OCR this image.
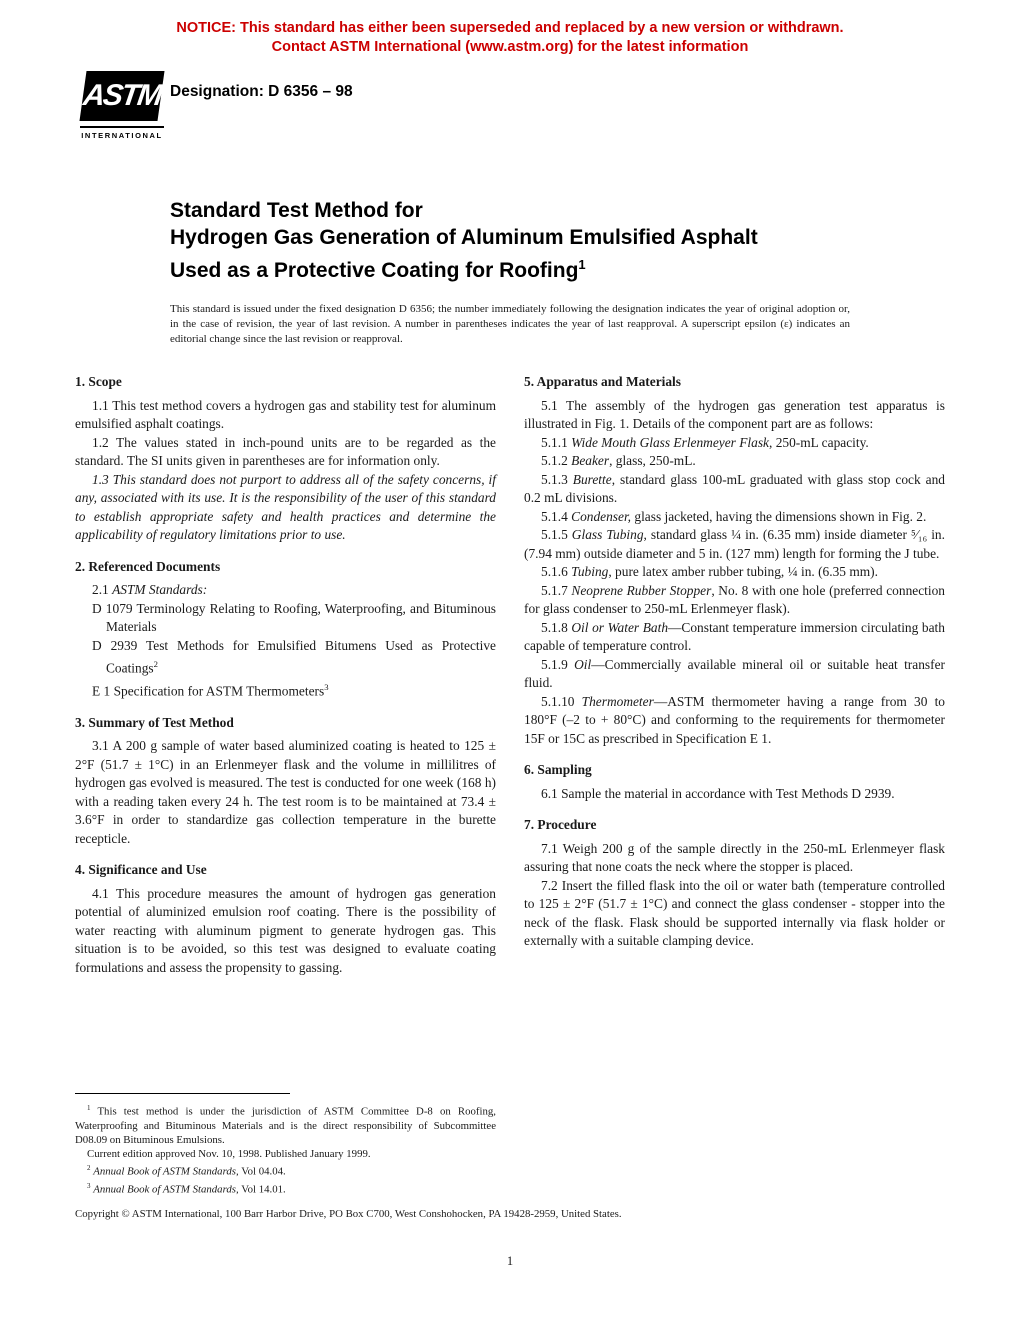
NOTICE: This standard has either been superseded and replaced by a new version or withdrawn.
Contact ASTM International (www.astm.org) for the latest information
ASTM
INTERNATIONAL
Designation: D 6356 – 98
Standard Test Method for
Hydrogen Gas Generation of Aluminum Emulsified Asphalt
Used as a Protective Coating for Roofing$^1$

This standard is issued under the fixed designation D 6356; the number immediately following the designation indicates the year of original adoption or, in the case of revision, the year of last revision. A number in parentheses indicates the year of last reapproval. A superscript epsilon (ε) indicates an editorial change since the last revision or reapproval.

1. Scope

1.1 This test method covers a hydrogen gas and stability test for aluminum emulsified asphalt coatings.

1.2 The values stated in inch-pound units are to be regarded as the standard. The SI units given in parentheses are for information only.

1.3 This standard does not purport to address all of the safety concerns, if any, associated with its use. It is the responsibility of the user of this standard to establish appropriate safety and health practices and determine the applicability of regulatory limitations prior to use.

2. Referenced Documents

2.1 ASTM Standards:

D 1079 Terminology Relating to Roofing, Waterproofing, and Bituminous Materials

D 2939 Test Methods for Emulsified Bitumens Used as Protective Coatings$^2$

E 1 Specification for ASTM Thermometers$^3$

3. Summary of Test Method

3.1 A 200 g sample of water based aluminized coating is heated to 125 ± 2°F (51.7 ± 1°C) in an Erlenmeyer flask and the volume in millilitres of hydrogen gas evolved is measured. The test is conducted for one week (168 h) with a reading taken every 24 h. The test room is to be maintained at 73.4 ± 3.6°F in order to standardize gas collection temperature in the burette recepticle.

4. Significance and Use

4.1 This procedure measures the amount of hydrogen gas generation potential of aluminized emulsion roof coating. There is the possibility of water reacting with aluminum pigment to generate hydrogen gas. This situation is to be avoided, so this test was designed to evaluate coating formulations and assess the propensity to gassing.

$^1$ This test method is under the jurisdiction of ASTM Committee D-8 on Roofing, Waterproofing and Bituminous Materials and is the direct responsibility of Subcommittee D08.09 on Bituminous Emulsions.

Current edition approved Nov. 10, 1998. Published January 1999.

$^2$ Annual Book of ASTM Standards, Vol 04.04.

$^3$ Annual Book of ASTM Standards, Vol 14.01.

5. Apparatus and Materials

5.1 The assembly of the hydrogen gas generation test apparatus is illustrated in Fig. 1. Details of the component part are as follows:

5.1.1 Wide Mouth Glass Erlenmeyer Flask, 250-mL capacity.

5.1.2 Beaker, glass, 250-mL.

5.1.3 Burette, standard glass 100-mL graduated with glass stop cock and 0.2 mL divisions.

5.1.4 Condenser, glass jacketed, having the dimensions shown in Fig. 2.

5.1.5 Glass Tubing, standard glass ¼ in. (6.35 mm) inside diameter ⁵⁄₁₆ in. (7.94 mm) outside diameter and 5 in. (127 mm) length for forming the J tube.

5.1.6 Tubing, pure latex amber rubber tubing, ¼ in. (6.35 mm).

5.1.7 Neoprene Rubber Stopper, No. 8 with one hole (preferred connection for glass condenser to 250-mL Erlenmeyer flask).

5.1.8 Oil or Water Bath—Constant temperature immersion circulating bath capable of temperature control.

5.1.9 Oil—Commercially available mineral oil or suitable heat transfer fluid.

5.1.10 Thermometer—ASTM thermometer having a range from 30 to 180°F (–2 to + 80°C) and conforming to the requirements for thermometer 15F or 15C as prescribed in Specification E 1.

6. Sampling

6.1 Sample the material in accordance with Test Methods D 2939.

7. Procedure

7.1 Weigh 200 g of the sample directly in the 250-mL Erlenmeyer flask assuring that none coats the neck where the stopper is placed.

7.2 Insert the filled flask into the oil or water bath (temperature controlled to 125 ± 2°F (51.7 ± 1°C) and connect the glass condenser - stopper into the neck of the flask. Flask should be supported internally via flask holder or externally with a suitable clamping device.

Copyright © ASTM International, 100 Barr Harbor Drive, PO Box C700, West Conshohocken, PA 19428-2959, United States.

1
